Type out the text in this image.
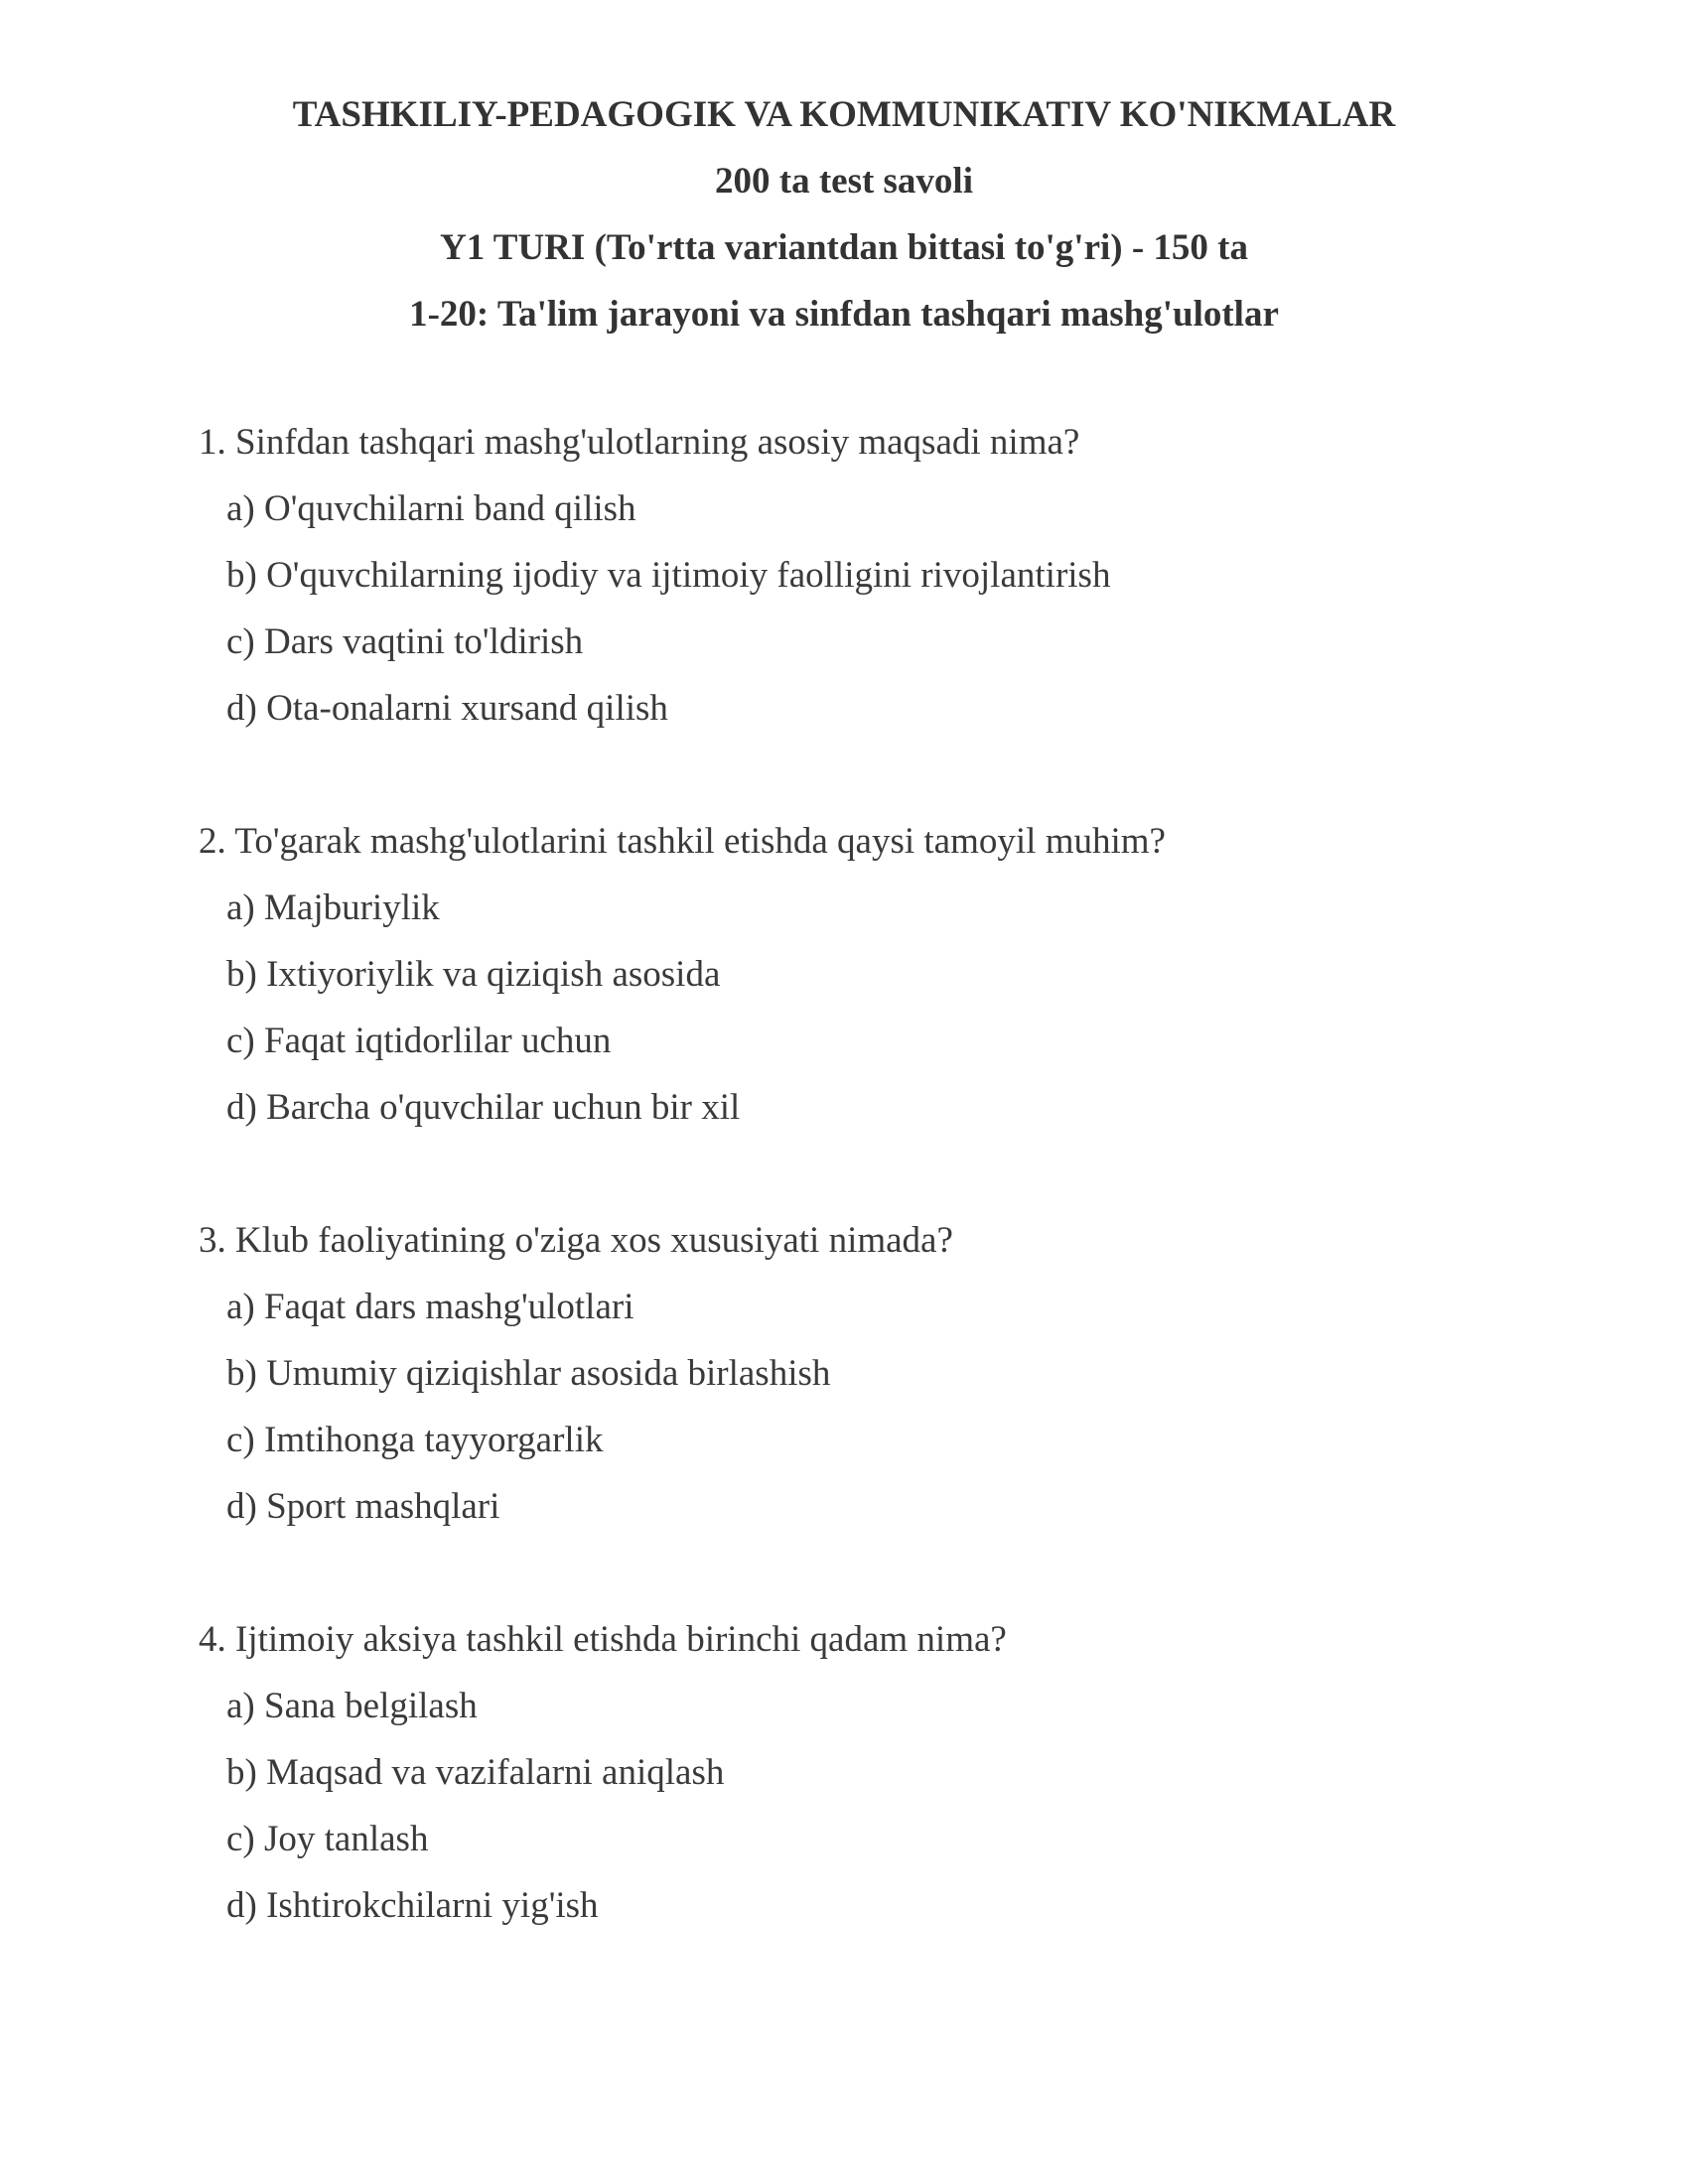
TASHKILIY-PEDAGOGIK VA KOMMUNIKATIV KO'NIKMALAR
200 ta test savoli
Y1 TURI (To'rtta variantdan bittasi to'g'ri) - 150 ta
1-20: Ta'lim jarayoni va sinfdan tashqari mashg'ulotlar
1. Sinfdan tashqari mashg'ulotlarning asosiy maqsadi nima?
a) O'quvchilarni band qilish
b) O'quvchilarning ijodiy va ijtimoiy faolligini rivojlantirish
c) Dars vaqtini to'ldirish
d) Ota-onalarni xursand qilish
2. To'garak mashg'ulotlarini tashkil etishda qaysi tamoyil muhim?
a) Majburiylik
b) Ixtiyoriylik va qiziqish asosida
c) Faqat iqtidorlilar uchun
d) Barcha o'quvchilar uchun bir xil
3. Klub faoliyatining o'ziga xos xususiyati nimada?
a) Faqat dars mashg'ulotlari
b) Umumiy qiziqishlar asosida birlashish
c) Imtihonga tayyorgarlik
d) Sport mashqlari
4. Ijtimoiy aksiya tashkil etishda birinchi qadam nima?
a) Sana belgilash
b) Maqsad va vazifalarni aniqlash
c) Joy tanlash
d) Ishtirokchilarni yig'ish
